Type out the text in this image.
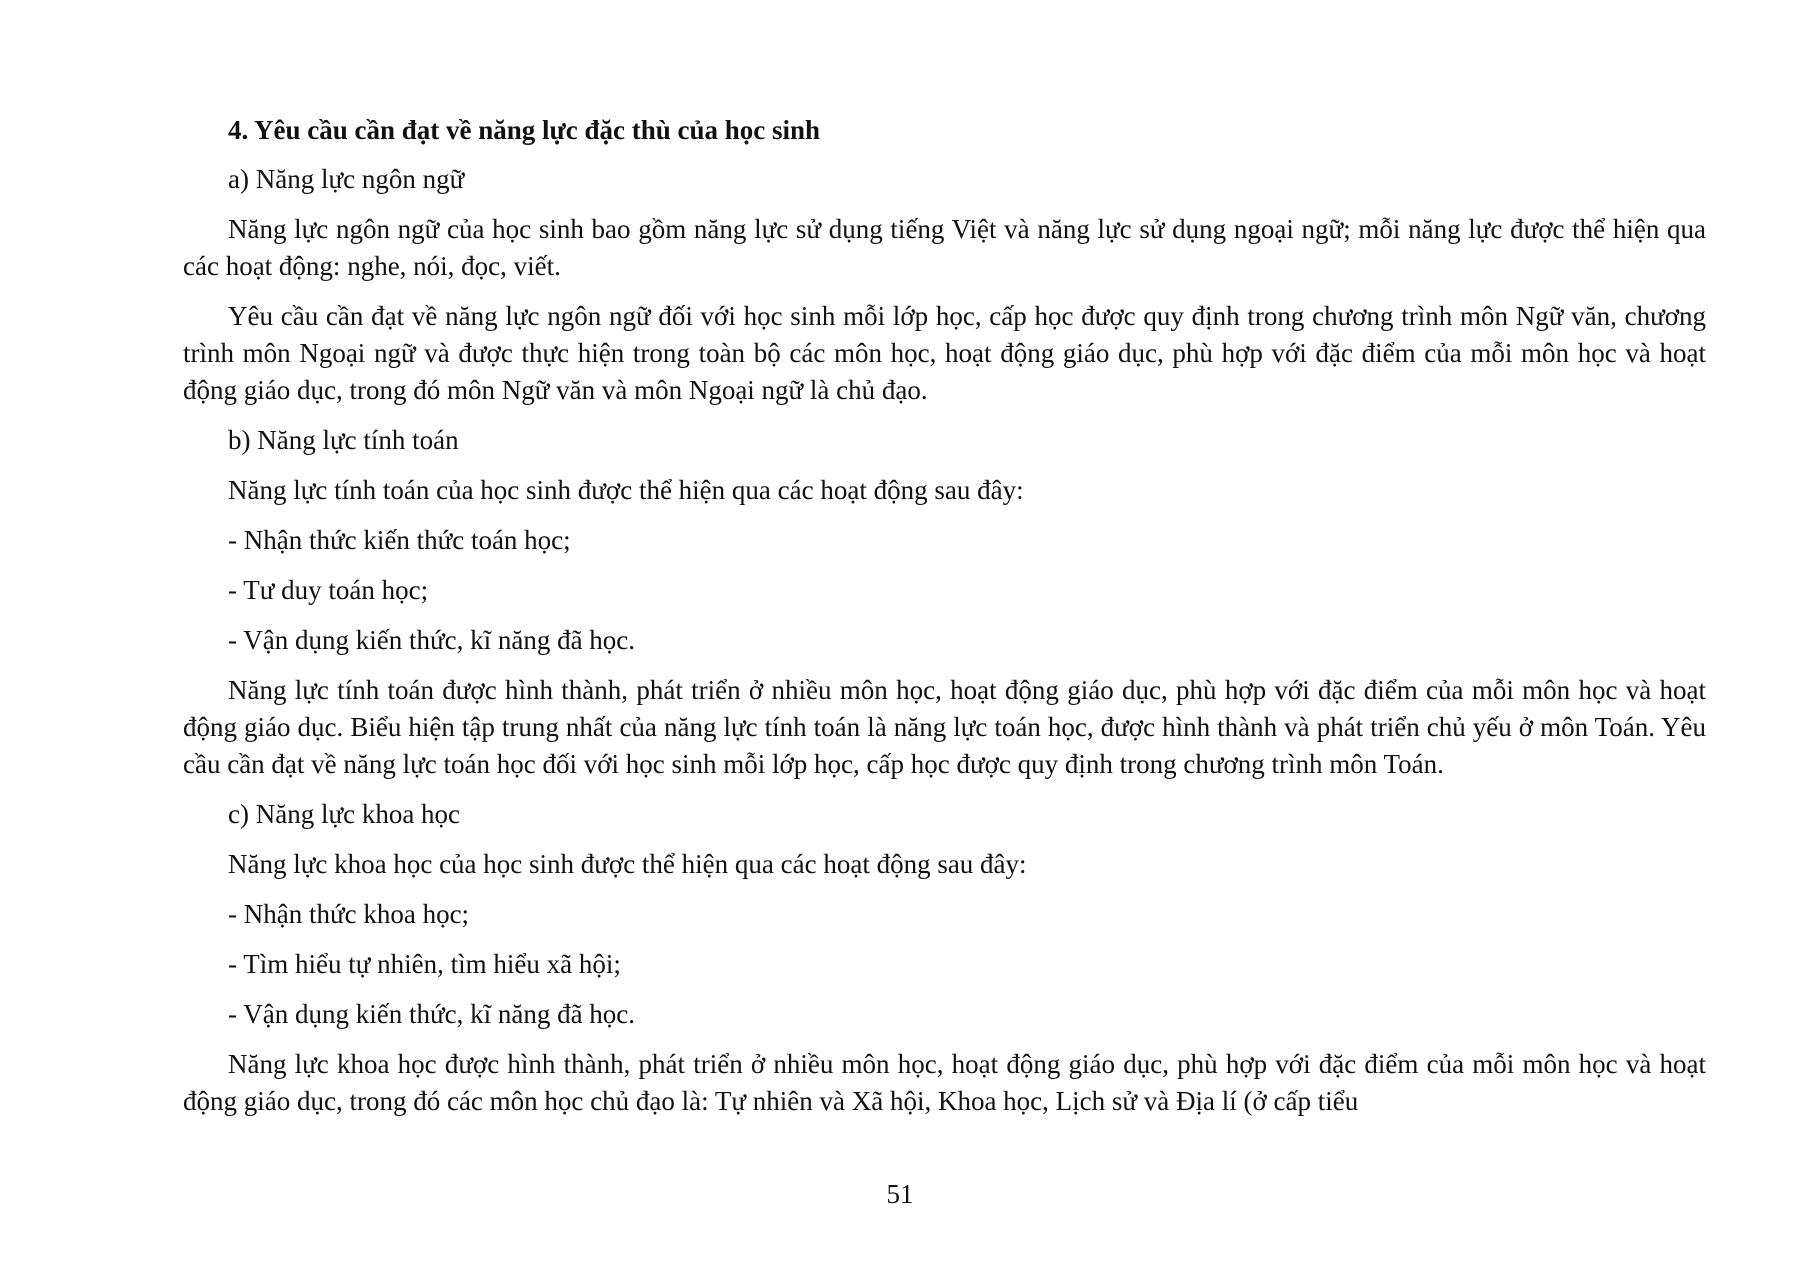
4. Yêu cầu cần đạt về năng lực đặc thù của học sinh
a) Năng lực ngôn ngữ
Năng lực ngôn ngữ của học sinh bao gồm năng lực sử dụng tiếng Việt và năng lực sử dụng ngoại ngữ; mỗi năng lực được thể hiện qua các hoạt động: nghe, nói, đọc, viết.
Yêu cầu cần đạt về năng lực ngôn ngữ đối với học sinh mỗi lớp học, cấp học được quy định trong chương trình môn Ngữ văn, chương trình môn Ngoại ngữ và được thực hiện trong toàn bộ các môn học, hoạt động giáo dục, phù hợp với đặc điểm của mỗi môn học và hoạt động giáo dục, trong đó môn Ngữ văn và môn Ngoại ngữ là chủ đạo.
b) Năng lực tính toán
Năng lực tính toán của học sinh được thể hiện qua các hoạt động sau đây:
- Nhận thức kiến thức toán học;
- Tư duy toán học;
- Vận dụng kiến thức, kĩ năng đã học.
Năng lực tính toán được hình thành, phát triển ở nhiều môn học, hoạt động giáo dục, phù hợp với đặc điểm của mỗi môn học và hoạt động giáo dục. Biểu hiện tập trung nhất của năng lực tính toán là năng lực toán học, được hình thành và phát triển chủ yếu ở môn Toán. Yêu cầu cần đạt về năng lực toán học đối với học sinh mỗi lớp học, cấp học được quy định trong chương trình môn Toán.
c) Năng lực khoa học
Năng lực khoa học của học sinh được thể hiện qua các hoạt động sau đây:
- Nhận thức khoa học;
- Tìm hiểu tự nhiên, tìm hiểu xã hội;
- Vận dụng kiến thức, kĩ năng đã học.
Năng lực khoa học được hình thành, phát triển ở nhiều môn học, hoạt động giáo dục, phù hợp với đặc điểm của mỗi môn học và hoạt động giáo dục, trong đó các môn học chủ đạo là: Tự nhiên và Xã hội, Khoa học, Lịch sử và Địa lí (ở cấp tiểu
51
